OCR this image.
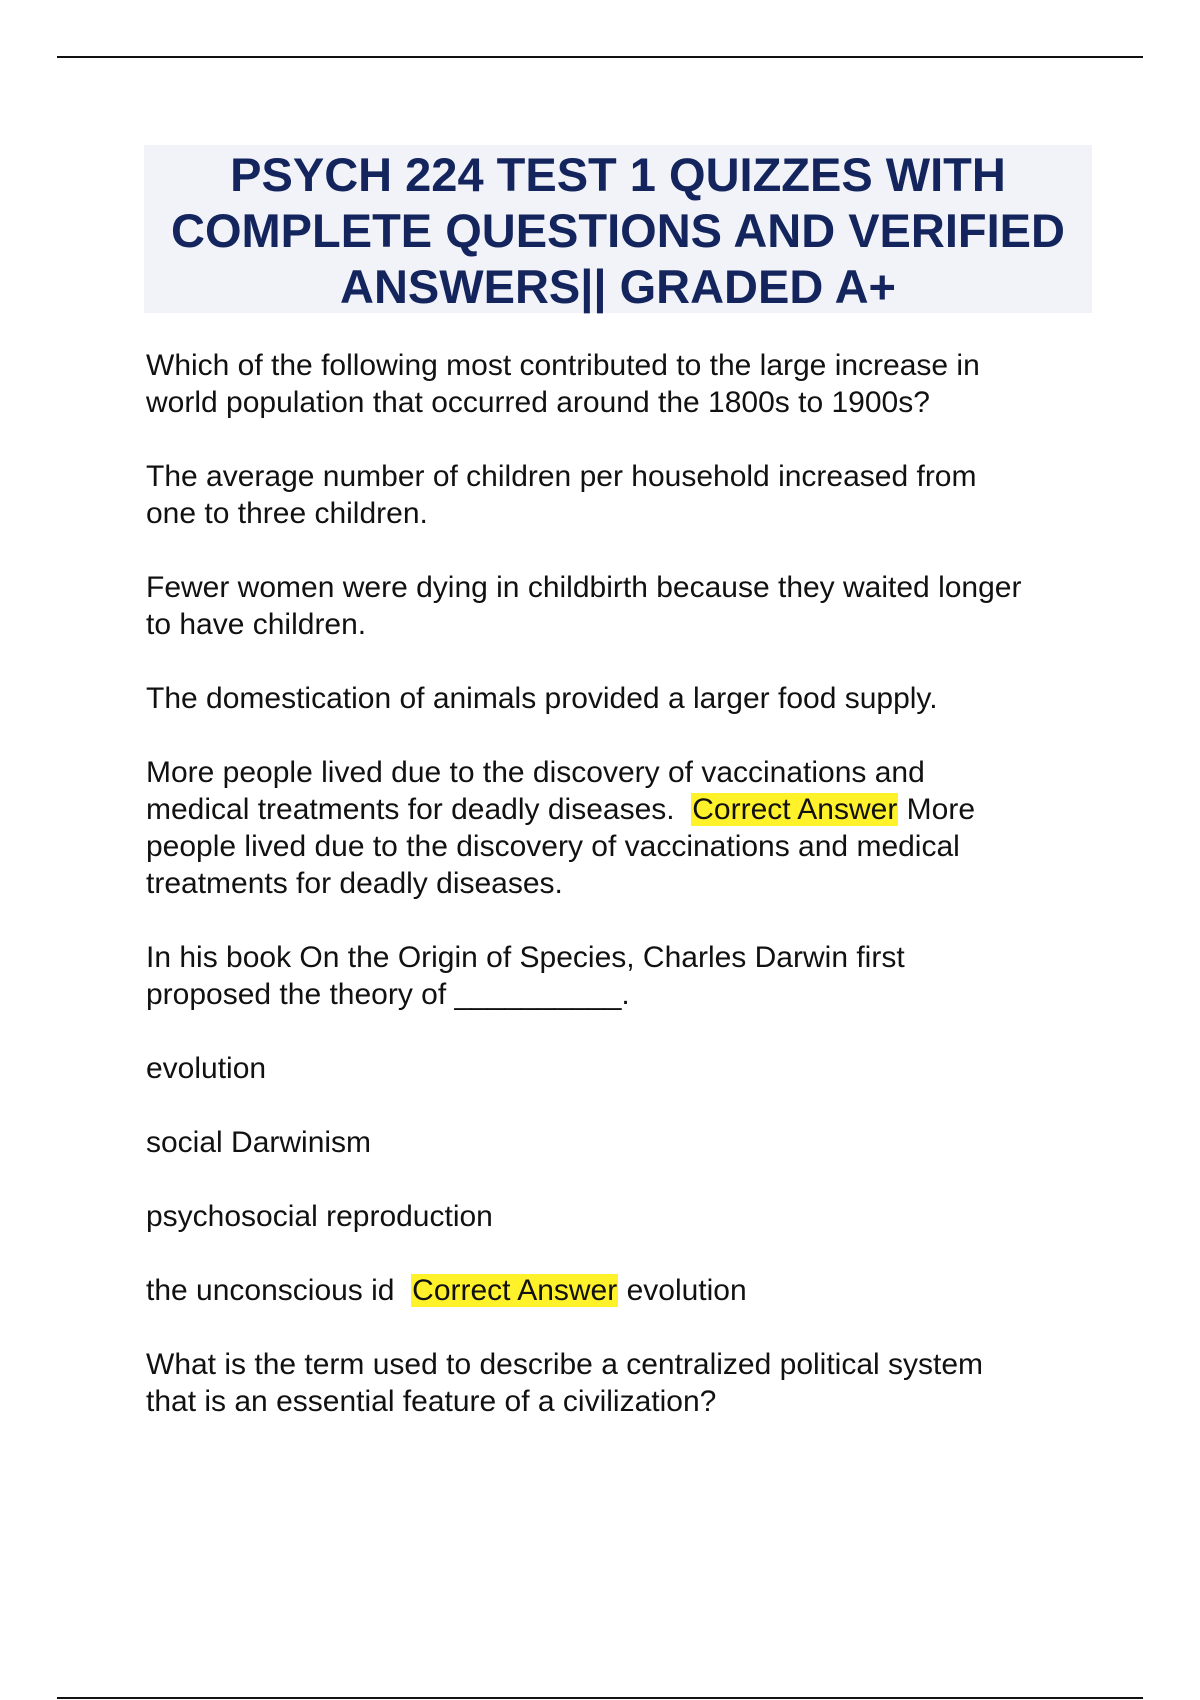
PSYCH 224 TEST 1 QUIZZES WITH
COMPLETE QUESTIONS AND VERIFIED
ANSWERS|| GRADED A+

Which of the following most contributed to the large increase in
world population that occurred around the 1800s to 1900s?

The average number of children per household increased from
one to three children.

Fewer women were dying in childbirth because they waited longer
to have children.

The domestication of animals provided a larger food supply.

More people lived due to the discovery of vaccinations and
medical treatments for deadly diseases.  Correct Answer More
people lived due to the discovery of vaccinations and medical
treatments for deadly diseases.

In his book On the Origin of Species, Charles Darwin first
proposed the theory of __________.

evolution

social Darwinism

psychosocial reproduction

the unconscious id  Correct Answer evolution

What is the term used to describe a centralized political system
that is an essential feature of a civilization?
